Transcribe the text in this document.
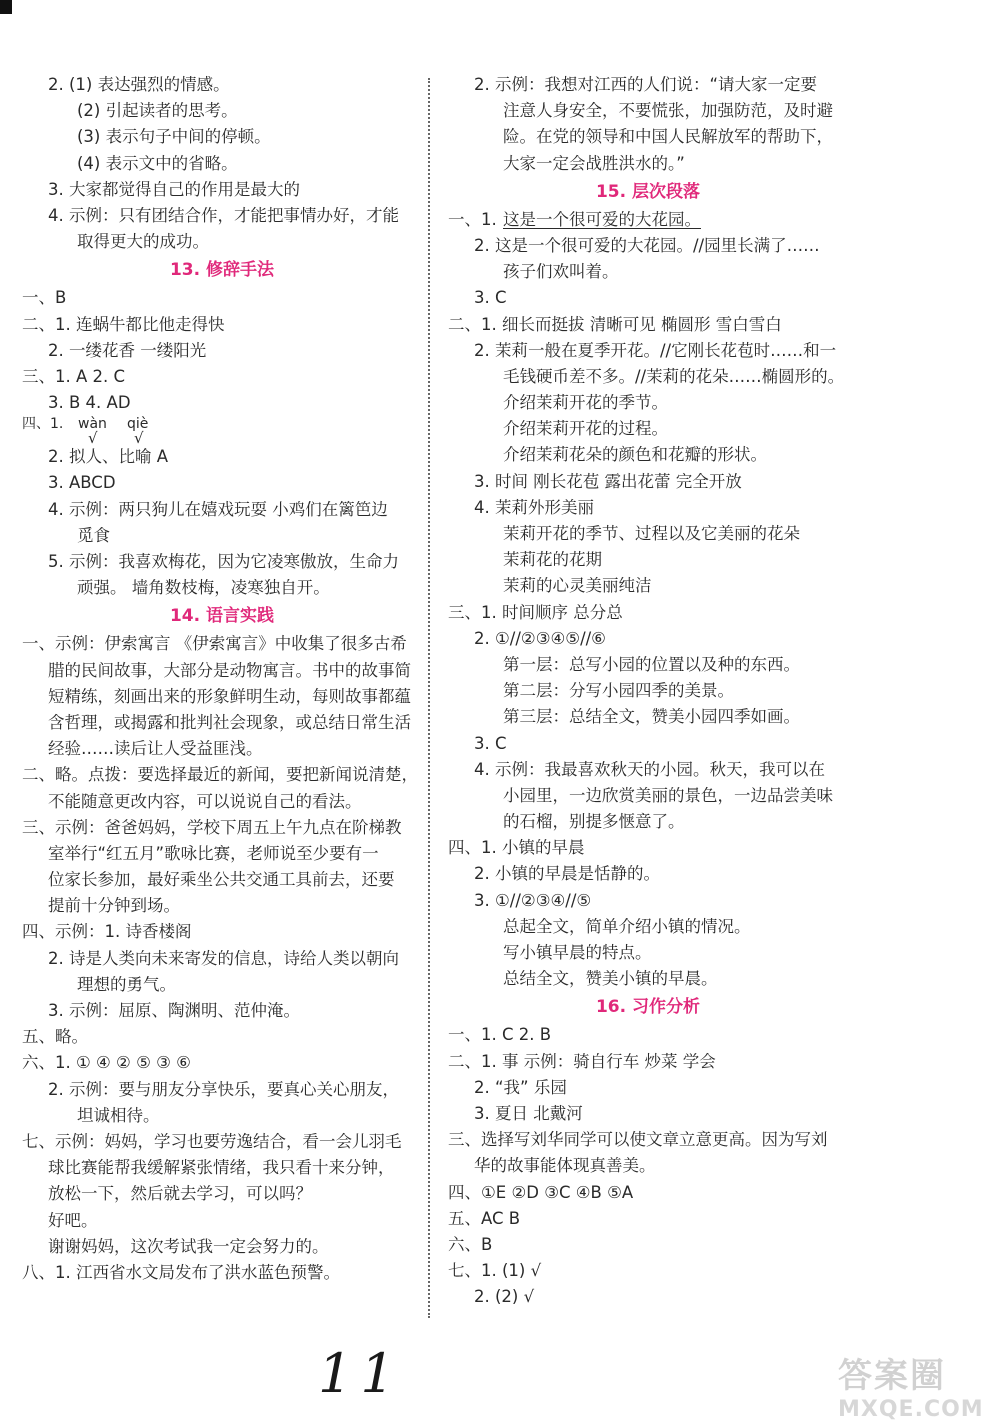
2. (1) 表达强烈的情感。
(2) 引起读者的思考。
(3) 表示句子中间的停顿。
(4) 表示文中的省略。
3. 大家都觉得自己的作用是最大的
4. 示例：只有团结合作，才能把事情办好，才能
取得更大的成功。
13. 修辞手法
一、B
二、1. 连蜗牛都比他走得快
2. 一缕花香 一缕阳光
三、1. A 2. C
3. B 4. AD
四、1. wàn qiè
√ √
2. 拟人、比喻 A
3. ABCD
4. 示例：两只狗儿在嬉戏玩耍 小鸡们在篱笆边
觅食
5. 示例：我喜欢梅花，因为它凌寒傲放，生命力
顽强。 墙角数枝梅，凌寒独自开。
14. 语言实践
一、示例：伊索寓言 《伊索寓言》中收集了很多古希
腊的民间故事，大部分是动物寓言。书中的故事简
短精练，刻画出来的形象鲜明生动，每则故事都蕴
含哲理，或揭露和批判社会现象，或总结日常生活
经验……读后让人受益匪浅。
二、略。点拨：要选择最近的新闻，要把新闻说清楚，
不能随意更改内容，可以说说自己的看法。
三、示例：爸爸妈妈，学校下周五上午九点在阶梯教
室举行“红五月”歌咏比赛，老师说至少要有一
位家长参加，最好乘坐公共交通工具前去，还要
提前十分钟到场。
四、示例：1. 诗香楼阁
2. 诗是人类向未来寄发的信息，诗给人类以朝向
理想的勇气。
3. 示例：屈原、陶渊明、范仲淹。
五、略。
六、1. ① ④ ② ⑤ ③ ⑥
2. 示例：要与朋友分享快乐，要真心关心朋友，
坦诚相待。
七、示例：妈妈，学习也要劳逸结合，看一会儿羽毛
球比赛能帮我缓解紧张情绪，我只看十来分钟，
放松一下，然后就去学习，可以吗？
好吧。
谢谢妈妈，这次考试我一定会努力的。
八、1. 江西省水文局发布了洪水蓝色预警。
2. 示例：我想对江西的人们说：“请大家一定要
注意人身安全，不要慌张，加强防范，及时避
险。在党的领导和中国人民解放军的帮助下，
大家一定会战胜洪水的。”
15. 层次段落
一、1. 这是一个很可爱的大花园。
2. 这是一个很可爱的大花园。//园里长满了……
孩子们欢叫着。
3. C
二、1. 细长而挺拔 清晰可见 椭圆形 雪白雪白
2. 茉莉一般在夏季开花。//它刚长花苞时……和一
毛钱硬币差不多。//茉莉的花朵……椭圆形的。
介绍茉莉开花的季节。
介绍茉莉开花的过程。
介绍茉莉花朵的颜色和花瓣的形状。
3. 时间 刚长花苞 露出花蕾 完全开放
4. 茉莉外形美丽
茉莉开花的季节、过程以及它美丽的花朵
茉莉花的花期
茉莉的心灵美丽纯洁
三、1. 时间顺序 总分总
2. ①//②③④⑤//⑥
第一层：总写小园的位置以及种的东西。
第二层：分写小园四季的美景。
第三层：总结全文，赞美小园四季如画。
3. C
4. 示例：我最喜欢秋天的小园。秋天，我可以在
小园里，一边欣赏美丽的景色，一边品尝美味
的石榴，别提多惬意了。
四、1. 小镇的早晨
2. 小镇的早晨是恬静的。
3. ①//②③④//⑤
总起全文，简单介绍小镇的情况。
写小镇早晨的特点。
总结全文，赞美小镇的早晨。
16. 习作分析
一、1. C 2. B
二、1. 事 示例：骑自行车 炒菜 学会
2. “我” 乐园
3. 夏日 北戴河
三、选择写刘华同学可以使文章立意更高。因为写刘
华的故事能体现真善美。
四、①E ②D ③C ④B ⑤A
五、AC B
六、B
七、1. (1) √
2. (2) √
11	答案圈
MXQE.COM
